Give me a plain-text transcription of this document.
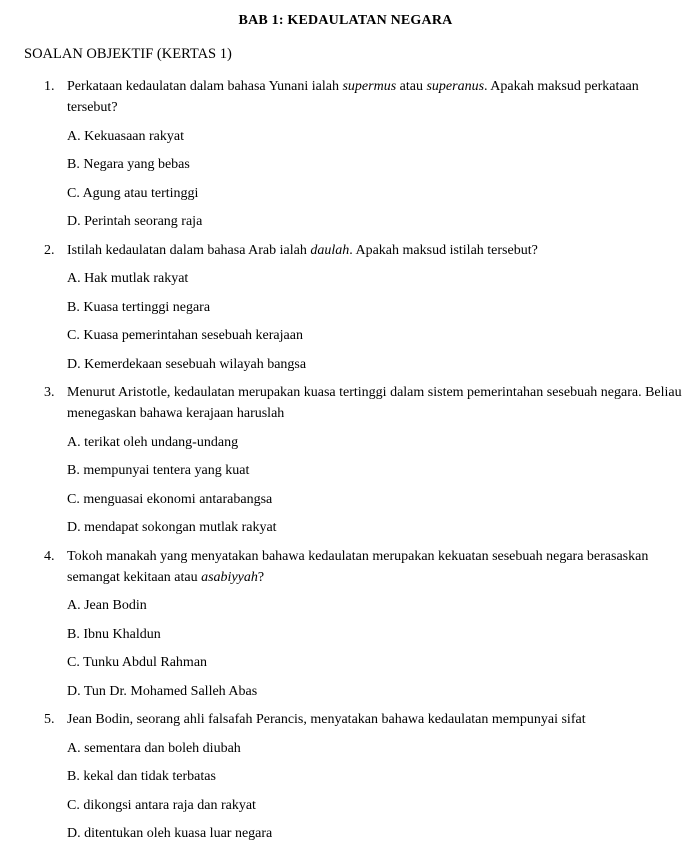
BAB 1: KEDAULATAN NEGARA

SOALAN OBJEKTIF (KERTAS 1)

1. Perkataan kedaulatan dalam bahasa Yunani ialah supermus atau superanus. Apakah maksud perkataan
tersebut?

A. Kekuasaan rakyat

B. Negara yang bebas

C. Agung atau tertinggi

D. Perintah seorang raja

2. Istilah kedaulatan dalam bahasa Arab ialah daulah. Apakah maksud istilah tersebut?

A. Hak mutlak rakyat

B. Kuasa tertinggi negara

C. Kuasa pemerintahan sesebuah kerajaan

D. Kemerdekaan sesebuah wilayah bangsa

3. Menurut Aristotle, kedaulatan merupakan kuasa tertinggi dalam sistem pemerintahan sesebuah negara. Beliau
menegaskan bahawa kerajaan haruslah

A. terikat oleh undang-undang

B. mempunyai tentera yang kuat

C. menguasai ekonomi antarabangsa

D. mendapat sokongan mutlak rakyat

4. Tokoh manakah yang menyatakan bahawa kedaulatan merupakan kekuatan sesebuah negara berasaskan
semangat kekitaan atau asabiyyah?

A. Jean Bodin

B. Ibnu Khaldun

C. Tunku Abdul Rahman

D. Tun Dr. Mohamed Salleh Abas

5. Jean Bodin, seorang ahli falsafah Perancis, menyatakan bahawa kedaulatan mempunyai sifat

A. sementara dan boleh diubah

B. kekal dan tidak terbatas

C. dikongsi antara raja dan rakyat

D. ditentukan oleh kuasa luar negara
